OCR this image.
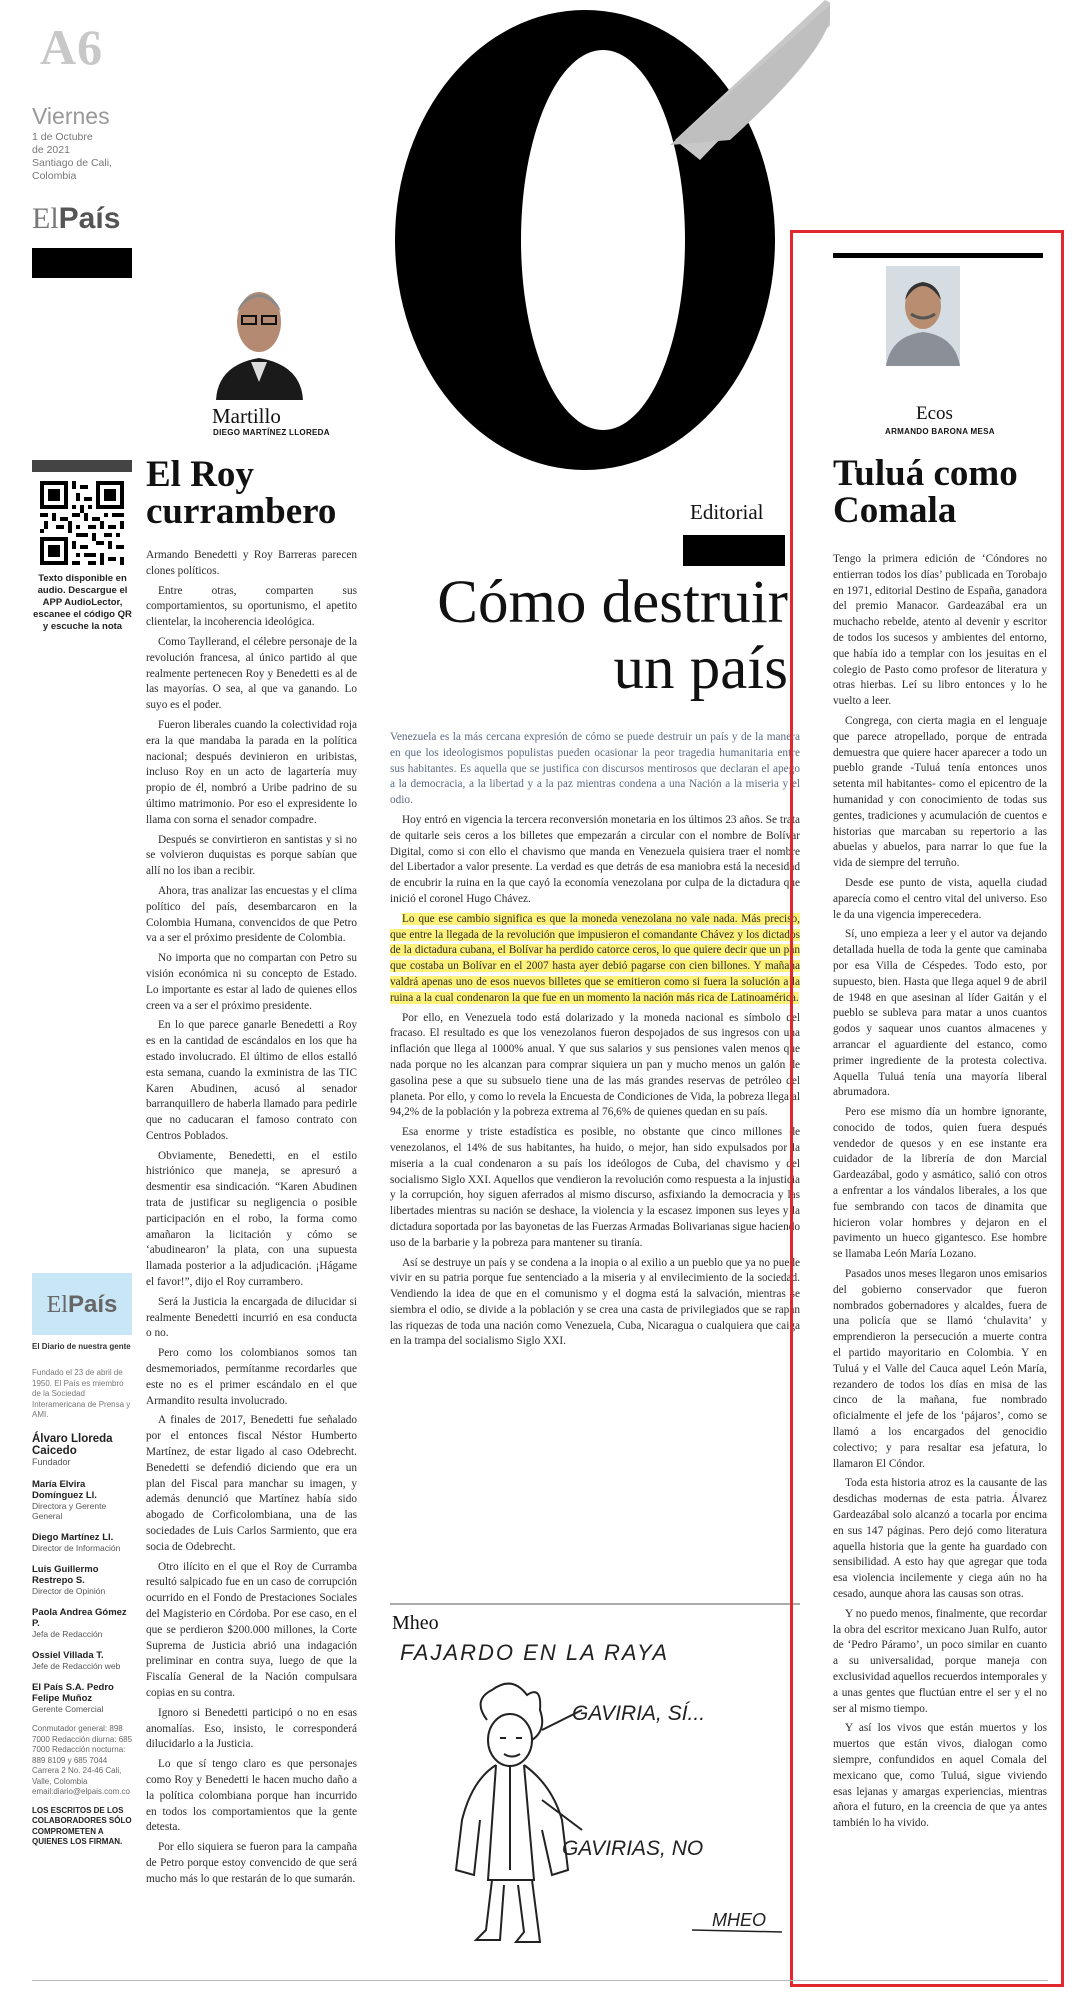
A6
Viernes
1 de Octubre
de 2021
Santiago de Cali,
Colombia
ElPaís
Martillo
DIEGO MARTÍNEZ LLOREDA
El Roy
currambero
Texto disponible en audio. Descargue el APP AudioLector, escanee el código QR y escuche la nota

Armando Benedetti y Roy Barreras parecen clones políticos.

Entre otras, comparten sus comportamientos, su oportunismo, el apetito clientelar, la incoherencia ideológica.

Como Tayllerand, el célebre personaje de la revolución francesa, al único partido al que realmente pertenecen Roy y Benedetti es al de las mayorías. O sea, al que va ganando. Lo suyo es el poder.

Fueron liberales cuando la colectividad roja era la que mandaba la parada en la política nacional; después devinieron en uribistas, incluso Roy en un acto de lagartería muy propio de él, nombró a Uribe padrino de su último matrimonio. Por eso el expresidente lo llama con sorna el senador compadre.

Después se convirtieron en santistas y si no se volvieron duquistas es porque sabían que allí no los iban a recibir.

Ahora, tras analizar las encuestas y el clima político del país, desembarcaron en la Colombia Humana, convencidos de que Petro va a ser el próximo presidente de Colombia.

No importa que no compartan con Petro su visión económica ni su concepto de Estado. Lo importante es estar al lado de quienes ellos creen va a ser el próximo presidente.

En lo que parece ganarle Benedetti a Roy es en la cantidad de escándalos en los que ha estado involucrado. El último de ellos estalló esta semana, cuando la exministra de las TIC Karen Abudinen, acusó al senador barranquillero de haberla llamado para pedirle que no caducaran el famoso contrato con Centros Poblados.

Obviamente, Benedetti, en el estilo histriónico que maneja, se apresuró a desmentir esa sindicación. “Karen Abudinen trata de justificar su negligencia o posible participación en el robo, la forma como amañaron la licitación y cómo se ‘abudinearon’ la plata, con una supuesta llamada posterior a la adjudicación. ¡Hágame el favor!”, dijo el Roy currambero.

Será la Justicia la encargada de dilucidar si realmente Benedetti incurrió en esa conducta o no.

Pero como los colombianos somos tan desmemoriados, permítanme recordarles que este no es el primer escándalo en el que Armandito resulta involucrado.

A finales de 2017, Benedetti fue señalado por el entonces fiscal Néstor Humberto Martínez, de estar ligado al caso Odebrecht. Benedetti se defendió diciendo que era un plan del Fiscal para manchar su imagen, y además denunció que Martínez había sido abogado de Corficolombiana, una de las sociedades de Luis Carlos Sarmiento, que era socia de Odebrecht.

Otro ilícito en el que el Roy de Curramba resultó salpicado fue en un caso de corrupción ocurrido en el Fondo de Prestaciones Sociales del Magisterio en Córdoba. Por ese caso, en el que se perdieron $200.000 millones, la Corte Suprema de Justicia abrió una indagación preliminar en contra suya, luego de que la Fiscalía General de la Nación compulsara copias en su contra.

Ignoro si Benedetti participó o no en esas anomalías. Eso, insisto, le corresponderá dilucidarlo a la Justicia.

Lo que sí tengo claro es que personajes como Roy y Benedetti le hacen mucho daño a la política colombiana porque han incurrido en todos los comportamientos que la gente detesta.

Por ello siquiera se fueron para la campaña de Petro porque estoy convencido de que será mucho más lo que restarán de lo que sumarán.

ElPaís
El Diario de nuestra gente
Fundado el 23 de abril de 1950. El País es miembro de la Sociedad Interamericana de Prensa y AMI.
Álvaro Lloreda Caicedo
Fundador
María Elvira Domínguez Ll.
Directora y Gerente General
Diego Martínez Ll.
Director de Información
Luis Guillermo Restrepo S.
Director de Opinión
Paola Andrea Gómez P.
Jefa de Redacción
Ossiel Villada T.
Jefe de Redacción web
El País S.A. Pedro Felipe Muñoz
Gerente Comercial
Conmutador general: 898 7000 Redacción diurna: 685 7000 Redacción nocturna: 889 8109 y 685 7044 Carrera 2 No. 24-46 Cali, Valle, Colombia email:diario@elpais.com.co
LOS ESCRITOS DE LOS COLABORADORES SÓLO COMPROMETEN A QUIENES LOS FIRMAN.
Editorial
Cómo destruir
un país

Venezuela es la más cercana expresión de cómo se puede destruir un país y de la manera en que los ideologismos populistas pueden ocasionar la peor tragedia humanitaria entre sus habitantes. Es aquella que se justifica con discursos mentirosos que declaran el apego a la democracia, a la libertad y a la paz mientras condena a una Nación a la miseria y el odio.

Hoy entró en vigencia la tercera reconversión monetaria en los últimos 23 años. Se trata de quitarle seis ceros a los billetes que empezarán a circular con el nombre de Bolívar Digital, como si con ello el chavismo que manda en Venezuela quisiera traer el nombre del Libertador a valor presente. La verdad es que detrás de esa maniobra está la necesidad de encubrir la ruina en la que cayó la economía venezolana por culpa de la dictadura que inició el coronel Hugo Chávez.

Lo que ese cambio significa es que la moneda venezolana no vale nada. Más preciso, que entre la llegada de la revolución que impusieron el comandante Chávez y los dictados de la dictadura cubana, el Bolívar ha perdido catorce ceros, lo que quiere decir que un pan que costaba un Bolívar en el 2007 hasta ayer debió pagarse con cien billones. Y mañana valdrá apenas uno de esos nuevos billetes que se emitieron como si fuera la solución a la ruina a la cual condenaron la que fue en un momento la nación más rica de Latinoamérica.

Por ello, en Venezuela todo está dolarizado y la moneda nacional es símbolo del fracaso. El resultado es que los venezolanos fueron despojados de sus ingresos con una inflación que llega al 1000% anual. Y que sus salarios y sus pensiones valen menos que nada porque no les alcanzan para comprar siquiera un pan y mucho menos un galón de gasolina pese a que su subsuelo tiene una de las más grandes reservas de petróleo del planeta. Por ello, y como lo revela la Encuesta de Condiciones de Vida, la pobreza llega al 94,2% de la población y la pobreza extrema al 76,6% de quienes quedan en su país.

Esa enorme y triste estadística es posible, no obstante que cinco millones de venezolanos, el 14% de sus habitantes, ha huido, o mejor, han sido expulsados por la miseria a la cual condenaron a su país los ideólogos de Cuba, del chavismo y del socialismo Siglo XXI. Aquellos que vendieron la revolución como respuesta a la injusticia y la corrupción, hoy siguen aferrados al mismo discurso, asfixiando la democracia y las libertades mientras su nación se deshace, la violencia y la escasez imponen sus leyes y la dictadura soportada por las bayonetas de las Fuerzas Armadas Bolivarianas sigue haciendo uso de la barbarie y la pobreza para mantener su tiranía.

Así se destruye un país y se condena a la inopia o al exilio a un pueblo que ya no puede vivir en su patria porque fue sentenciado a la miseria y al envilecimiento de la sociedad. Vendiendo la idea de que en el comunismo y el dogma está la salvación, mientras se siembra el odio, se divide a la población y se crea una casta de privilegiados que se rapan las riquezas de toda una nación como Venezuela, Cuba, Nicaragua o cualquiera que caiga en la trampa del socialismo Siglo XXI.

Mheo
FAJARDO EN LA RAYA
GAVIRIA, SÍ...
GAVIRIAS, NO
MHEO
Ecos
ARMANDO BARONA MESA
Tuluá como
Comala

Tengo la primera edición de ‘Cóndores no entierran todos los días’ publicada en Torobajo en 1971, editorial Destino de España, ganadora del premio Manacor. Gardeazábal era un muchacho rebelde, atento al devenir y escritor de todos los sucesos y ambientes del entorno, que había ido a templar con los jesuitas en el colegio de Pasto como profesor de literatura y otras hierbas. Leí su libro entonces y lo he vuelto a leer.

Congrega, con cierta magia en el lenguaje que parece atropellado, porque de entrada demuestra que quiere hacer aparecer a todo un pueblo grande -Tuluá tenía entonces unos setenta mil habitantes- como el epicentro de la humanidad y con conocimiento de todas sus gentes, tradiciones y acumulación de cuentos e historias que marcaban su repertorio a las abuelas y abuelos, para narrar lo que fue la vida de siempre del terruño.

Desde ese punto de vista, aquella ciudad aparecía como el centro vital del universo. Eso le da una vigencia imperecedera.

Sí, uno empieza a leer y el autor va dejando detallada huella de toda la gente que caminaba por esa Villa de Céspedes. Todo esto, por supuesto, bien. Hasta que llega aquel 9 de abril de 1948 en que asesinan al líder Gaitán y el pueblo se subleva para matar a unos cuantos godos y saquear unos cuantos almacenes y arrancar el aguardiente del estanco, como primer ingrediente de la protesta colectiva. Aquella Tuluá tenía una mayoría liberal abrumadora.

Pero ese mismo día un hombre ignorante, conocido de todos, quien fuera después vendedor de quesos y en ese instante era cuidador de la librería de don Marcial Gardeazábal, godo y asmático, salió con otros a enfrentar a los vándalos liberales, a los que fue sembrando con tacos de dinamita que hicieron volar hombres y dejaron en el pavimento un hueco gigantesco. Ese hombre se llamaba León María Lozano.

Pasados unos meses llegaron unos emisarios del gobierno conservador que fueron nombrados gobernadores y alcaldes, fuera de una policía que se llamó ‘chulavita’ y emprendieron la persecución a muerte contra el partido mayoritario en Colombia. Y en Tuluá y el Valle del Cauca aquel León María, rezandero de todos los días en misa de las cinco de la mañana, fue nombrado oficialmente el jefe de los ‘pájaros’, como se llamó a los encargados del genocidio colectivo; y para resaltar esa jefatura, lo llamaron El Cóndor.

Toda esta historia atroz es la causante de las desdichas modernas de esta patria. Álvarez Gardeazábal solo alcanzó a tocarla por encima en sus 147 páginas. Pero dejó como literatura aquella historia que la gente ha guardado con sensibilidad. A esto hay que agregar que toda esa violencia incilemente y ciega aún no ha cesado, aunque ahora las causas son otras.

Y no puedo menos, finalmente, que recordar la obra del escritor mexicano Juan Rulfo, autor de ‘Pedro Páramo’, un poco similar en cuanto a su universalidad, porque maneja con exclusividad aquellos recuerdos intemporales y a unas gentes que fluctúan entre el ser y el no ser al mismo tiempo.

Y así los vivos que están muertos y los muertos que están vivos, dialogan como siempre, confundidos en aquel Comala del mexicano que, como Tuluá, sigue viviendo esas lejanas y amargas experiencias, mientras añora el futuro, en la creencia de que ya antes también lo ha vivido.
